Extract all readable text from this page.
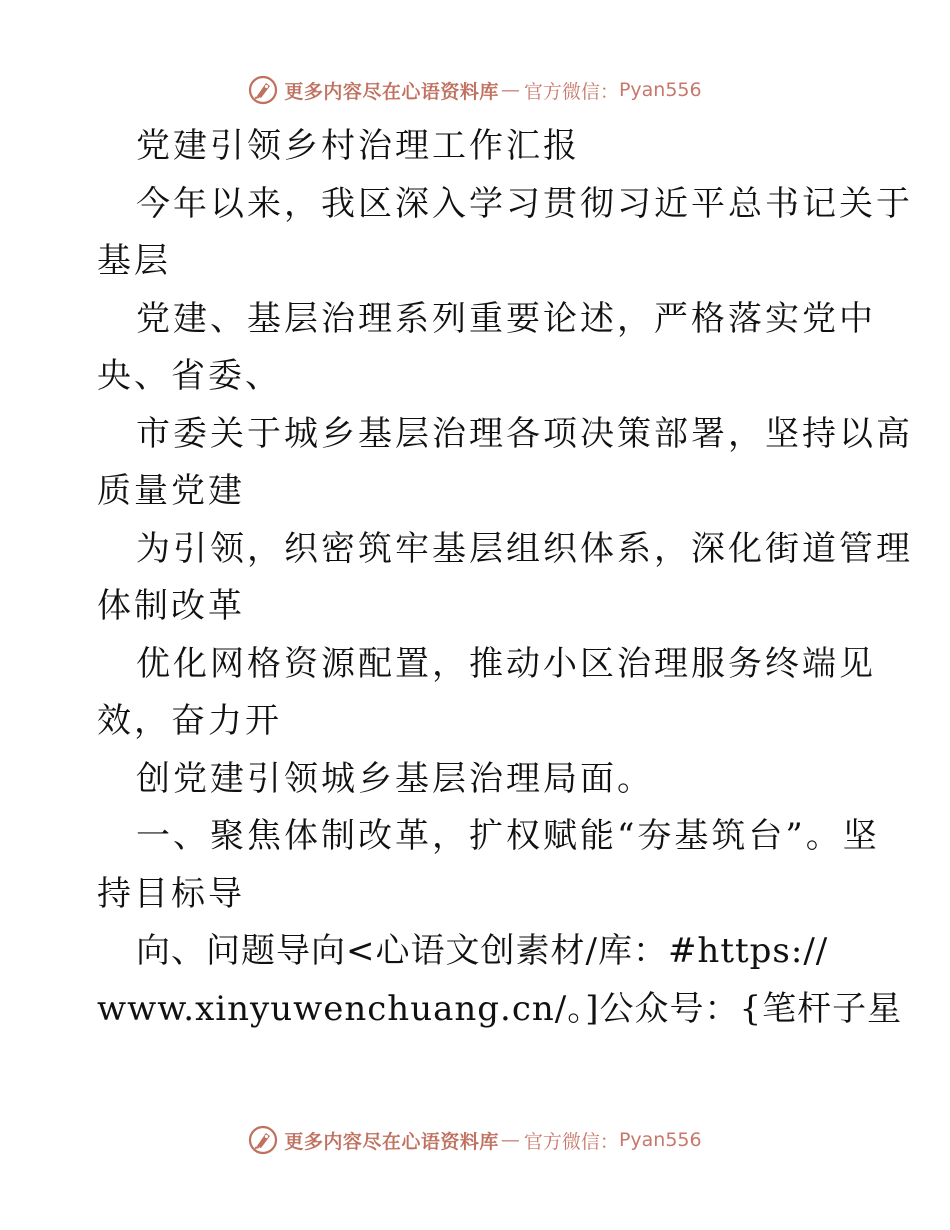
更多内容尽在心语资料库 — 官方微信： Pyan556
党建引领乡村治理工作汇报
今年以来，我区深入学习贯彻习近平总书记关于
基层
党建、基层治理系列重要论述，严格落实党中
央、省委、
市委关于城乡基层治理各项决策部署，坚持以高
质量党建
为引领，织密筑牢基层组织体系，深化街道管理
体制改革
优化网格资源配置，推动小区治理服务终端见
效，奋力开
创党建引领城乡基层治理局面。
一、聚焦体制改革，扩权赋能“夯基筑台”。坚
持目标导
向、问题导向<心语文创素材/库：#https://
www.xinyuwenchuang.cn/。]公众号：{笔杆子星
更多内容尽在心语资料库 — 官方微信： Pyan556
